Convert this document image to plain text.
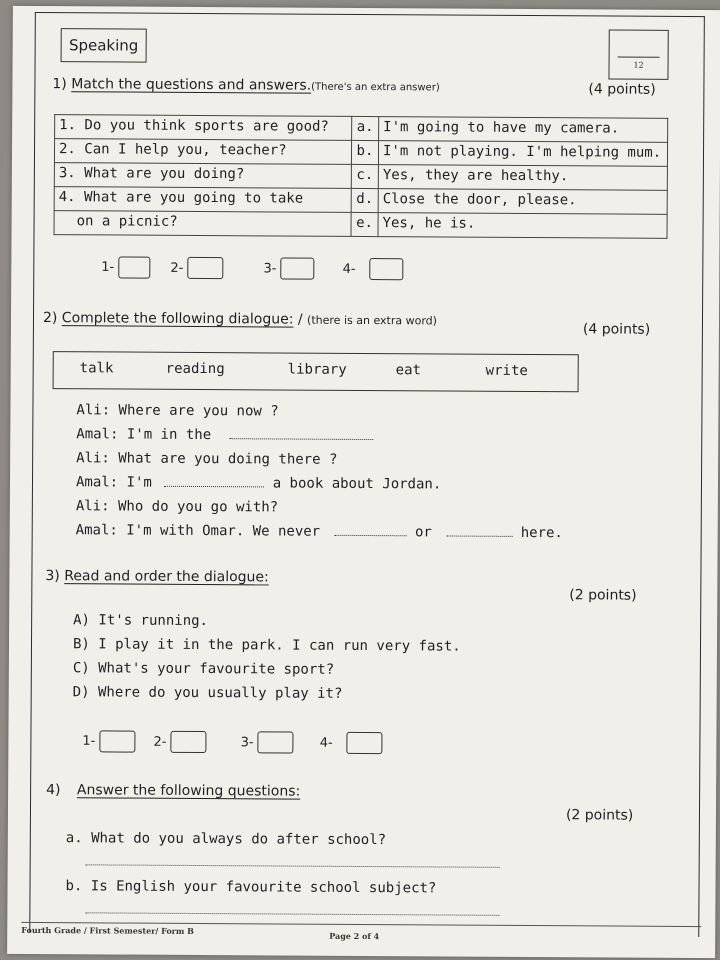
Speaking
12
1) Match the questions and answers.(There's an extra answer)	(4 points)
1. Do you think sports are good?	a.	I'm going to have my camera.
2. Can I help you, teacher?	b.	I'm not playing. I'm helping mum.
3. What are you doing?	c.	Yes, they are healthy.
4. What are you going to take	d.	Close the door, please.
on a picnic?	e.	Yes, he is.
1-	2-	3-	4-
2) Complete the following dialogue: / (there is an extra word)
(4 points)
talk	reading	library	eat	write
Ali: Where are you now ?
Amal: I'm in the
Ali: What are you doing there ?
Amal: I'm	a book about Jordan.
Ali: Who do you go with?
Amal: I'm with Omar. We never	or	here.
3) Read and order the dialogue:
(2 points)
A) It's running.
B) I play it in the park. I can run very fast.
C) What's your favourite sport?
D) Where do you usually play it?
1-	2-	3-	4-
4) Answer the following questions:
(2 points)
a. What do you always do after school?
b. Is English your favourite school subject?
Fourth Grade / First Semester/ Form B	Page 2 of 4
